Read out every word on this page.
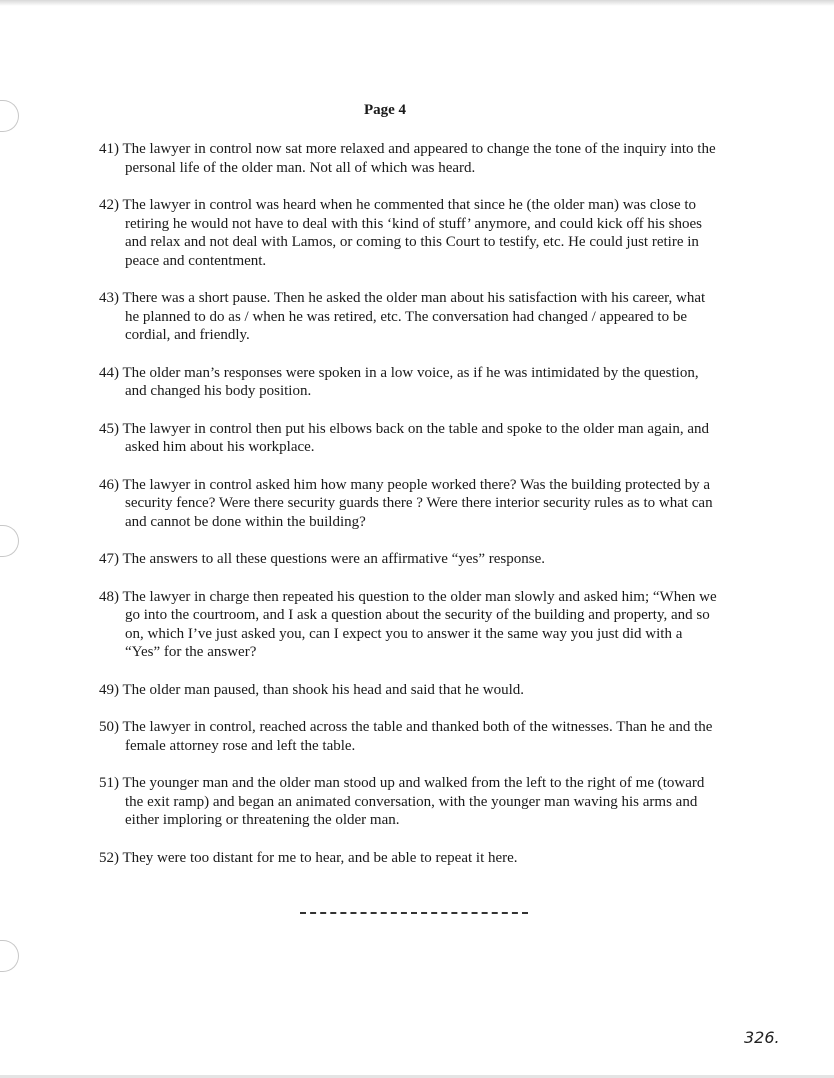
Page 4
41) The lawyer in control now sat more relaxed and appeared to change the tone of the inquiry into the personal life of the older man. Not all of which was heard.
42) The lawyer in control was heard when he commented that since he (the older man) was close to retiring he would not have to deal with this ‘kind of stuff’ anymore, and could kick off his shoes and relax and not deal with Lamos, or coming to this Court to testify, etc. He could just retire in peace and contentment.
43) There was a short pause. Then he asked the older man about his satisfaction with his career, what he planned to do as / when he was retired, etc. The conversation had changed / appeared to be cordial, and friendly.
44) The older man’s responses were spoken in a low voice, as if he was intimidated by the question, and changed his body position.
45) The lawyer in control then put his elbows back on the table and spoke to the older man again, and asked him about his workplace.
46) The lawyer in control asked him how many people worked there? Was the building protected by a security fence? Were there security guards there ? Were there interior security rules as to what can and cannot be done within the building?
47) The answers to all these questions were an affirmative “yes” response.
48) The lawyer in charge then repeated his question to the older man slowly and asked him; “When we go into the courtroom, and I ask a question about the security of the building and property, and so on, which I’ve just asked you, can I expect you to answer it the same way you just did with a “Yes” for the answer?
49) The older man paused, than shook his head and said that he would.
50) The lawyer in control, reached across the table and thanked both of the witnesses. Than he and the female attorney rose and left the table.
51) The younger man and the older man stood up and walked from the left to the right of me (toward the exit ramp) and began an animated conversation, with the younger man waving his arms and either imploring or threatening the older man.
52) They were too distant for me to hear, and be able to repeat it here.
326.
